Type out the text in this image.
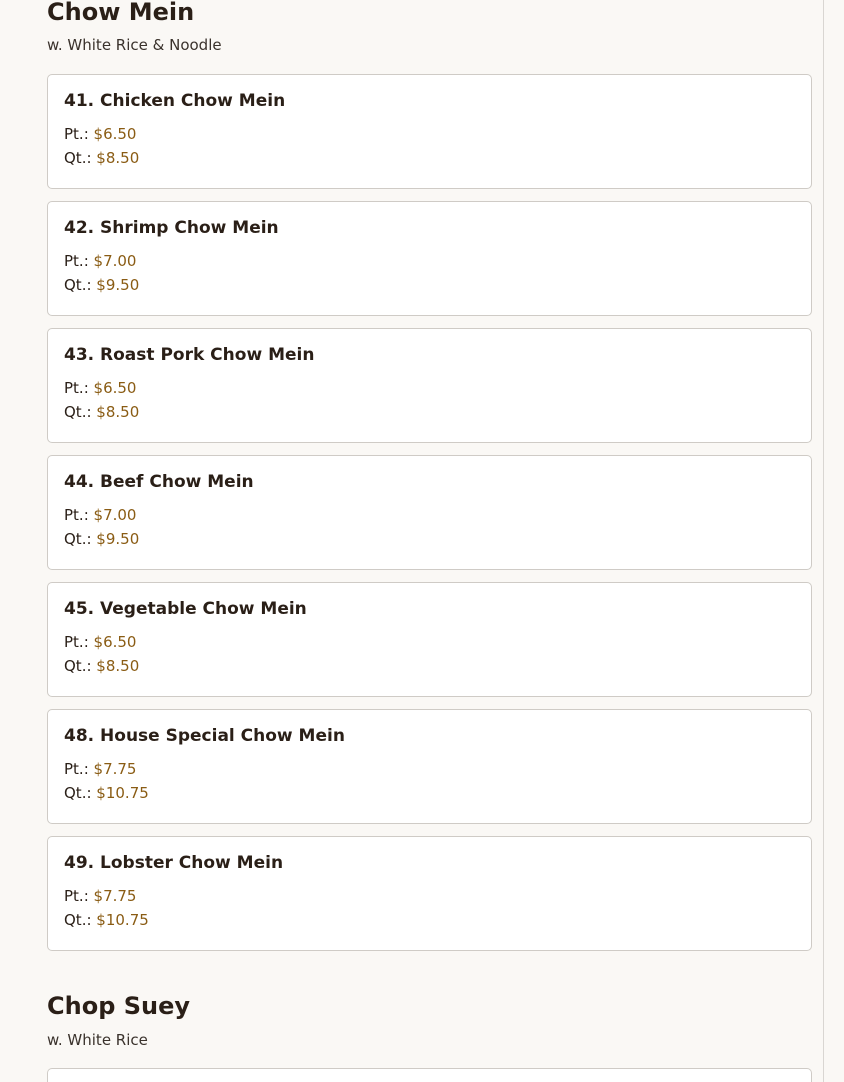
Chow Mein

w. White Rice & Noodle

41. Chicken Chow Mein

Pt.: $6.50
Qt.: $8.50

42. Shrimp Chow Mein

Pt.: $7.00
Qt.: $9.50

43. Roast Pork Chow Mein

Pt.: $6.50
Qt.: $8.50

44. Beef Chow Mein

Pt.: $7.00
Qt.: $9.50

45. Vegetable Chow Mein

Pt.: $6.50
Qt.: $8.50

48. House Special Chow Mein

Pt.: $7.75
Qt.: $10.75

49. Lobster Chow Mein

Pt.: $7.75
Qt.: $10.75
Chop Suey

w. White Rice
